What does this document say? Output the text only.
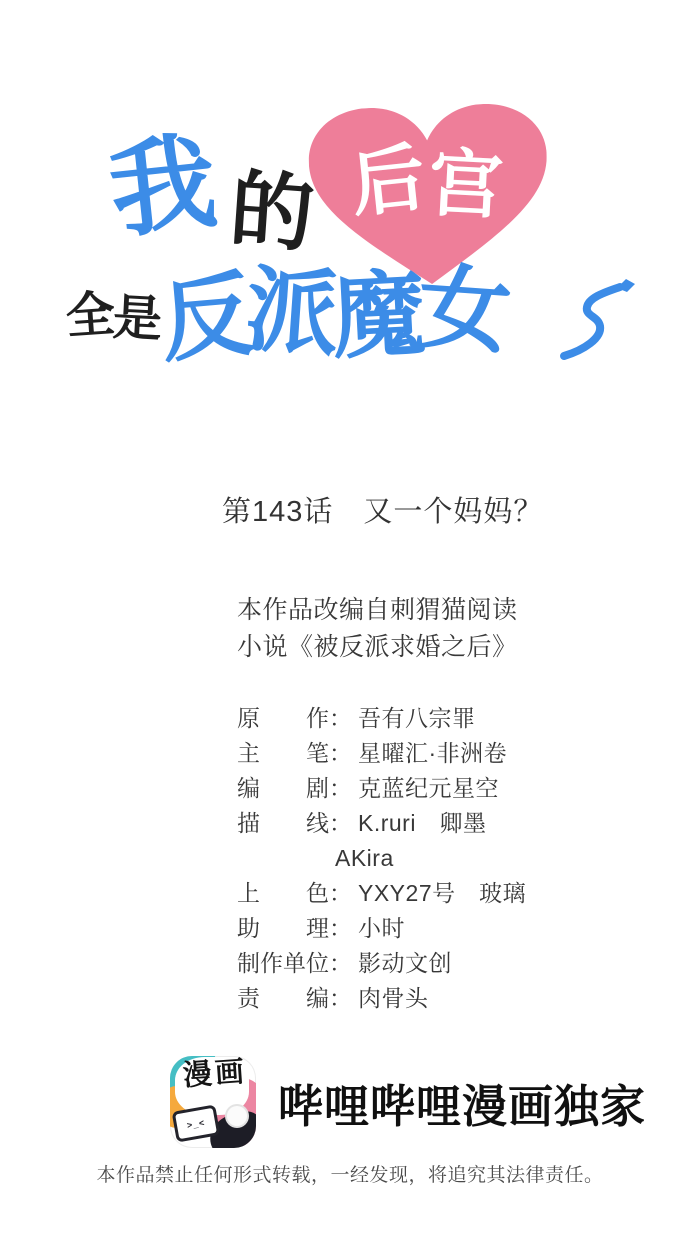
后宫
我 的
全是
反派魔女
第143话　又一个妈妈？
本作品改编自刺猬猫阅读
小说《被反派求婚之后》
原作： 吾有八宗罪
主笔： 星曜汇·非洲卷
编剧： 克蓝纪元星空
描线： K.ruri　卿墨
AKira
上色： YXY27号　玻璃
助理： 小时
制作单位： 影动文创
责编： 肉骨头
漫画
>_<	哔哩哔哩漫画独家
本作品禁止任何形式转载，一经发现，将追究其法律责任。
